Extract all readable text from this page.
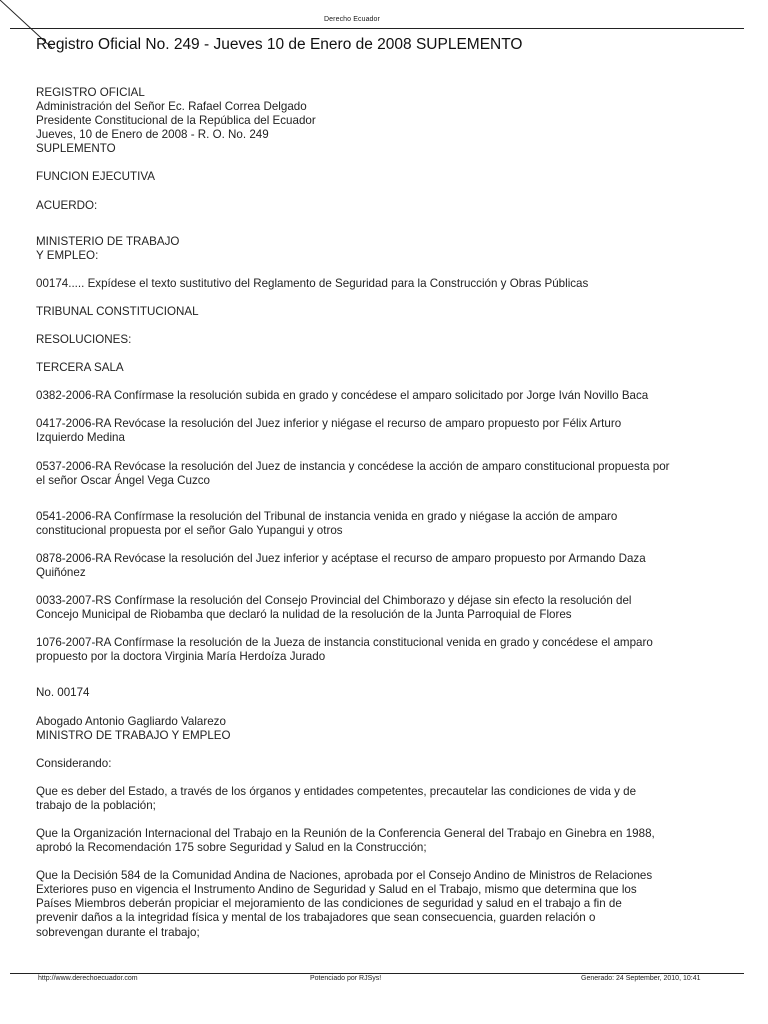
Derecho Ecuador
Registro Oficial No. 249 - Jueves 10 de Enero de 2008 SUPLEMENTO

REGISTRO OFICIAL

Administración del Señor Ec. Rafael Correa Delgado

Presidente Constitucional de la República del Ecuador

Jueves, 10 de Enero de 2008 - R. O. No. 249

SUPLEMENTO

FUNCION EJECUTIVA

ACUERDO:

MINISTERIO DE TRABAJO

Y EMPLEO:

00174..... Expídese el texto sustitutivo del Reglamento de Seguridad para la Construcción y Obras Públicas

TRIBUNAL CONSTITUCIONAL

RESOLUCIONES:

TERCERA SALA

0382-2006-RA Confírmase la resolución subida en grado y concédese el amparo solicitado por Jorge Iván Novillo Baca

0417-2006-RA Revócase la resolución del Juez inferior y niégase el recurso de amparo propuesto por Félix Arturo

Izquierdo Medina

0537-2006-RA Revócase la resolución del Juez de instancia y concédese la acción de amparo constitucional propuesta por

el señor Oscar Ángel Vega Cuzco

0541-2006-RA Confírmase la resolución del Tribunal de instancia venida en grado y niégase la acción de amparo

constitucional propuesta por el señor Galo Yupangui y otros

0878-2006-RA Revócase la resolución del Juez inferior y acéptase el recurso de amparo propuesto por Armando Daza

Quiñónez

0033-2007-RS Confírmase la resolución del Consejo Provincial del Chimborazo y déjase sin efecto la resolución del

Concejo Municipal de Riobamba que declaró la nulidad de la resolución de la Junta Parroquial de Flores

1076-2007-RA Confírmase la resolución de la Jueza de instancia constitucional venida en grado y concédese el amparo

propuesto por la doctora Virginia María Herdoíza Jurado

No. 00174

Abogado Antonio Gagliardo Valarezo

MINISTRO DE TRABAJO Y EMPLEO

Considerando:

Que es deber del Estado, a través de los órganos y entidades competentes, precautelar las condiciones de vida y de

trabajo de la población;

Que la Organización Internacional del Trabajo en la Reunión de la Conferencia General del Trabajo en Ginebra en 1988,

aprobó la Recomendación 175 sobre Seguridad y Salud en la Construcción;

Que la Decisión 584 de la Comunidad Andina de Naciones, aprobada por el Consejo Andino de Ministros de Relaciones

Exteriores puso en vigencia el Instrumento Andino de Seguridad y Salud en el Trabajo, mismo que determina que los

Países Miembros deberán propiciar el mejoramiento de las condiciones de seguridad y salud en el trabajo a fin de

prevenir daños a la integridad física y mental de los trabajadores que sean consecuencia, guarden relación o

sobrevengan durante el trabajo;

http://www.derechoecuador.com	Potenciado por RJSys!	Generado: 24 September, 2010, 10:41
